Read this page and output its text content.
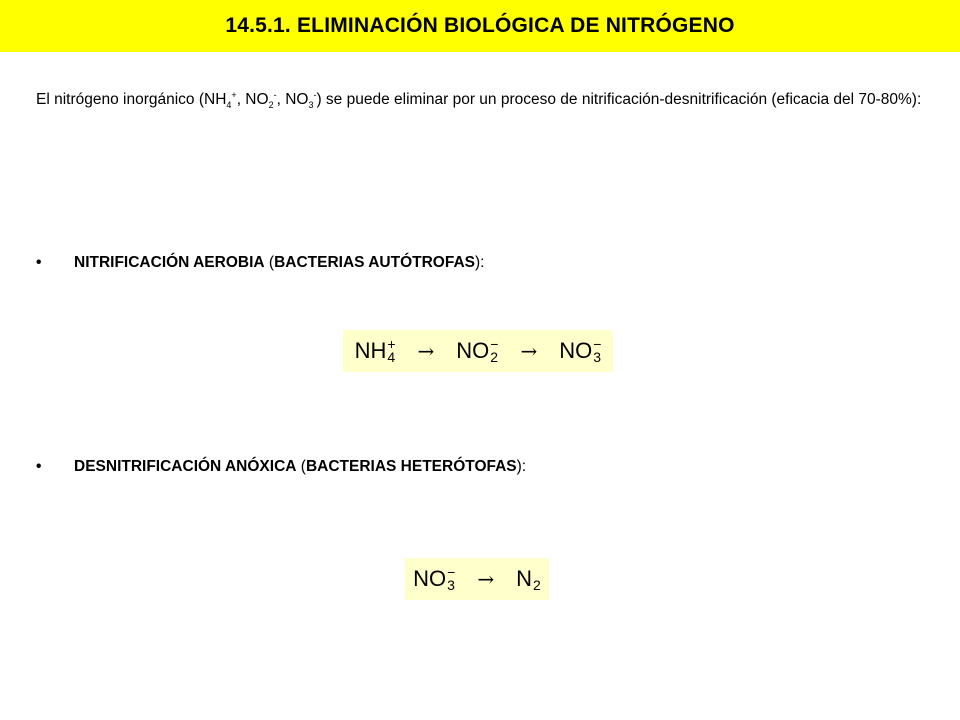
14.5.1. ELIMINACIÓN BIOLÓGICA DE NITRÓGENO
El nitrógeno inorgánico ($NH_4^+$, $NO_2^-$, $NO_3^-$) se puede eliminar por un proceso de nitrificación-desnitrificación (eficacia del 70-80%):
•	NITRIFICACIÓN AEROBIA ( BACTERIAS AUTÓTROFAS ):
NH +
4 → NO −
2 → NO −
3
•	DESNITRIFICACIÓN ANÓXICA ( BACTERIAS HETERÓTOFAS ):
NO −
3 → N 2
